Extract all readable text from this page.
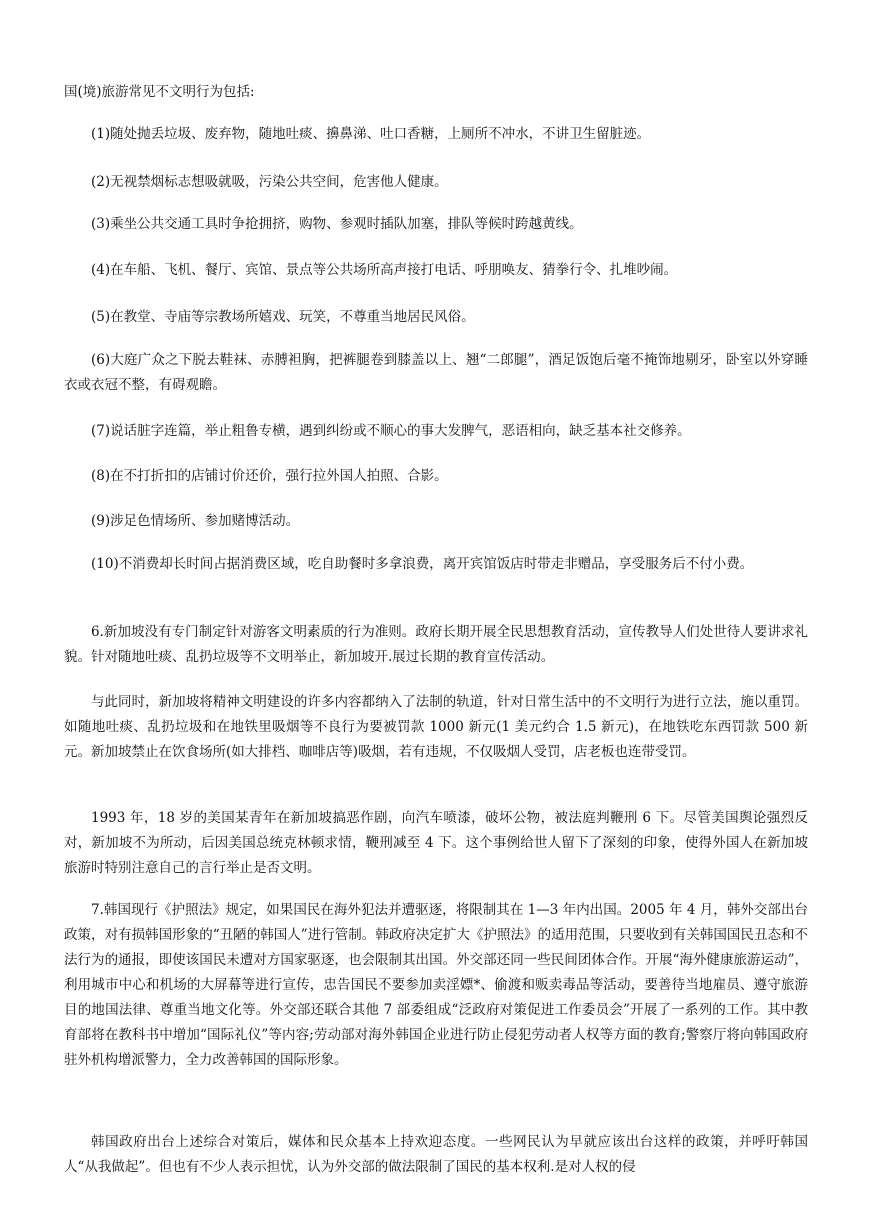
国(境)旅游常见不文明行为包括:

(1)随处抛丢垃圾、废弃物，随地吐痰、擤鼻涕、吐口香糖，上厕所不冲水，不讲卫生留脏迹。

(2)无视禁烟标志想吸就吸，污染公共空间，危害他人健康。

(3)乘坐公共交通工具时争抢拥挤，购物、参观时插队加塞，排队等候时跨越黄线。

(4)在车船、飞机、餐厅、宾馆、景点等公共场所高声接打电话、呼朋唤友、猜拳行令、扎堆吵闹。

(5)在教堂、寺庙等宗教场所嬉戏、玩笑，不尊重当地居民风俗。

(6)大庭广众之下脱去鞋袜、赤膊袒胸，把裤腿卷到膝盖以上、翘“二郎腿”，酒足饭饱后毫不掩饰地剔牙，卧室以外穿睡衣或衣冠不整，有碍观瞻。

(7)说话脏字连篇，举止粗鲁专横，遇到纠纷或不顺心的事大发脾气，恶语相向，缺乏基本社交修养。

(8)在不打折扣的店铺讨价还价，强行拉外国人拍照、合影。

(9)涉足色情场所、参加赌博活动。

(10)不消费却长时间占据消费区域，吃自助餐时多拿浪费，离开宾馆饭店时带走非赠品，享受服务后不付小费。

6.新加坡没有专门制定针对游客文明素质的行为准则。政府长期开展全民思想教育活动，宣传教导人们处世待人要讲求礼貌。针对随地吐痰、乱扔垃圾等不文明举止，新加坡开.展过长期的教育宣传活动。

与此同时，新加坡将精神文明建设的许多内容都纳入了法制的轨道，针对日常生活中的不文明行为进行立法，施以重罚。如随地吐痰、乱扔垃圾和在地铁里吸烟等不良行为要被罚款 1000 新元(1 美元约合 1.5 新元)，在地铁吃东西罚款 500 新元。新加坡禁止在饮食场所(如大排档、咖啡店等)吸烟，若有违规，不仅吸烟人受罚，店老板也连带受罚。

1993 年，18 岁的美国某青年在新加坡搞恶作剧，向汽车喷漆，破坏公物，被法庭判鞭刑 6 下。尽管美国舆论强烈反对，新加坡不为所动，后因美国总统克林顿求情，鞭刑减至 4 下。这个事例给世人留下了深刻的印象，使得外国人在新加坡旅游时特别注意自己的言行举止是否文明。

7.韩国现行《护照法》规定，如果国民在海外犯法并遭驱逐，将限制其在 1—3 年内出国。2005 年 4 月，韩外交部出台政策，对有损韩国形象的“丑陋的韩国人”进行管制。韩政府决定扩大《护照法》的适用范围，只要收到有关韩国国民丑态和不法行为的通报，即使该国民未遭对方国家驱逐，也会限制其出国。外交部还同一些民间团体合作。开展“海外健康旅游运动”，利用城市中心和机场的大屏幕等进行宣传，忠告国民不要参加卖淫嫖*、偷渡和贩卖毒品等活动，要善待当地雇员、遵守旅游目的地国法律、尊重当地文化等。外交部还联合其他 7 部委组成“泛政府对策促进工作委员会”开展了一系列的工作。其中教育部将在教科书中增加“国际礼仪”等内容;劳动部对海外韩国企业进行防止侵犯劳动者人权等方面的教育;警察厅将向韩国政府驻外机构增派警力，全力改善韩国的国际形象。

韩国政府出台上述综合对策后，媒体和民众基本上持欢迎态度。一些网民认为早就应该出台这样的政策，并呼吁韩国人“从我做起”。但也有不少人表示担忧，认为外交部的做法限制了国民的基本权利.是对人权的侵
